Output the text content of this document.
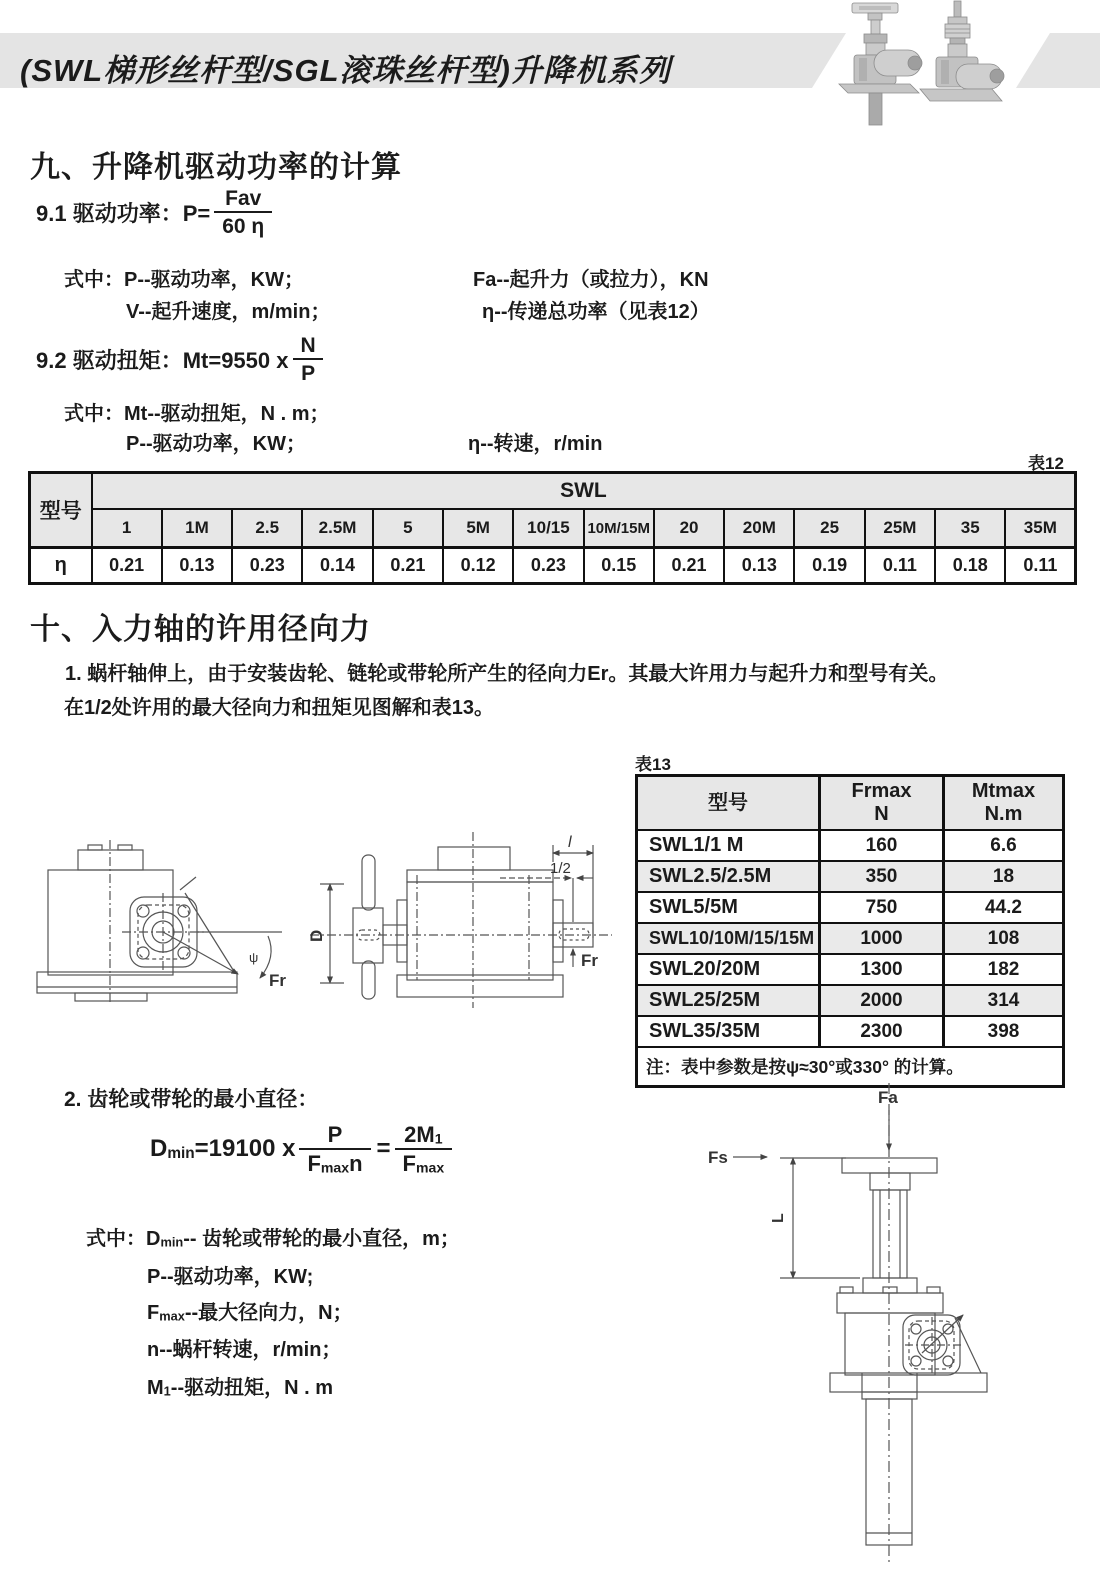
(SWL梯形丝杆型/SGL滚珠丝杆型)升降机系列
九、升降机驱动功率的计算
9.1 驱动功率：$P= \frac{\text{Fav}}{60 \eta}$
式中：P--驱动功率，KW；	Fa--起升力（或拉力），KN
V--起升速度，m/min；	η--传递总功率（见表12）
9.2 驱动扭矩：Mt=9550 x $\frac{N}{P}$
式中：Mt--驱动扭矩，N . m；
P--驱动功率，KW；	η--转速，r/min
表12
型号	SWL													
	1	1M	2.5	2.5M	5	5M	10/15	10M/15M	20	20M	25	25M	35	35M
η	0.21	0.13	0.23	0.14	0.21	0.12	0.23	0.15	0.21	0.13	0.19	0.11	0.18	0.11
十、入力轴的许用径向力
1. 蜗杆轴伸上，由于安装齿轮、链轮或带轮所产生的径向力Er。其最大许用力与起升力和型号有关。
在1/2处许用的最大径向力和扭矩见图解和表13。
表13
型号

Frmax
N

Mtmax
N.m

SWL1/1 M	160	6.6
SWL2.5/2.5M	350	18
SWL5/5M	750	44.2
SWL10/10M/15/15M	1000	108
SWL20/20M	1300	182
SWL25/25M	2000	314
SWL35/35M	2300	398
注：表中参数是按ψ≈30°或330° 的计算。		
ψ
Fr
l
1/2
Fr
D
2. 齿轮或带轮的最小直径：
Dmin=19100 x $\frac{P}{Fmaxn} = \frac{2M1}{Fmax}$
式中：Dmin-- 齿轮或带轮的最小直径，m；
P--驱动功率，KW;
Fmax--最大径向力，N；
n--蜗杆转速，r/min；
M1--驱动扭矩，N . m
Fa
Fs
L
